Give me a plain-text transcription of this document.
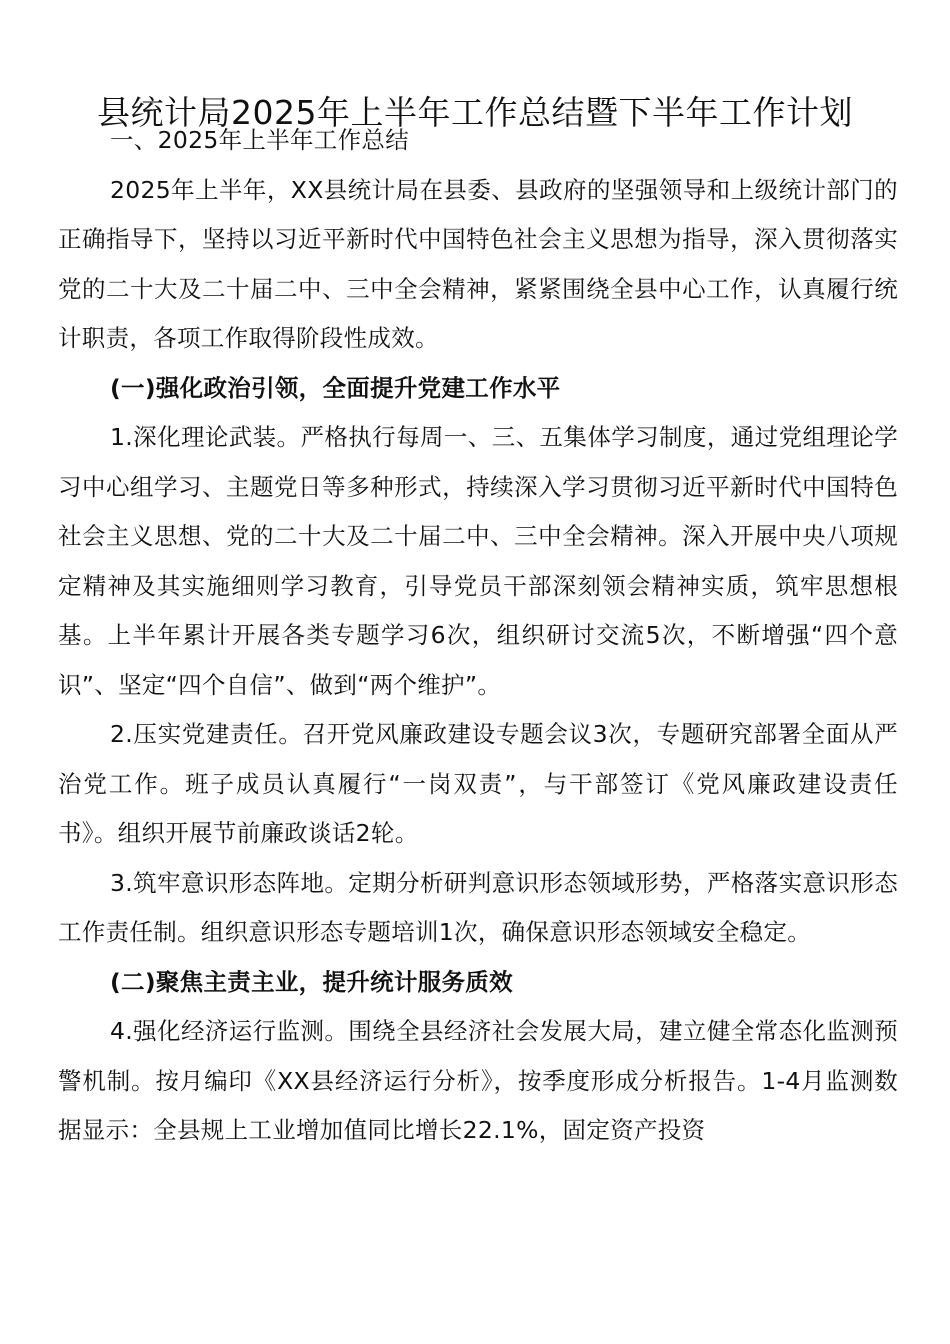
县统计局2025年上半年工作总结暨下半年工作计划

一、2025年上半年工作总结

2025年上半年，XX县统计局在县委、县政府的坚强领导和上级统计部门的正确指导下，坚持以习近平新时代中国特色社会主义思想为指导，深入贯彻落实党的二十大及二十届二中、三中全会精神，紧紧围绕全县中心工作，认真履行统计职责，各项工作取得阶段性成效。

(一)强化政治引领，全面提升党建工作水平

1.深化理论武装。严格执行每周一、三、五集体学习制度，通过党组理论学习中心组学习、主题党日等多种形式，持续深入学习贯彻习近平新时代中国特色社会主义思想、党的二十大及二十届二中、三中全会精神。深入开展中央八项规定精神及其实施细则学习教育，引导党员干部深刻领会精神实质，筑牢思想根基。上半年累计开展各类专题学习6次，组织研讨交流5次，不断增强“四个意识”、坚定“四个自信”、做到“两个维护”。

2.压实党建责任。召开党风廉政建设专题会议3次，专题研究部署全面从严治党工作。班子成员认真履行“一岗双责”，与干部签订《党风廉政建设责任书》。组织开展节前廉政谈话2轮。

3.筑牢意识形态阵地。定期分析研判意识形态领域形势，严格落实意识形态工作责任制。组织意识形态专题培训1次，确保意识形态领域安全稳定。

(二)聚焦主责主业，提升统计服务质效

4.强化经济运行监测。围绕全县经济社会发展大局，建立健全常态化监测预警机制。按月编印《XX县经济运行分析》，按季度形成分析报告。1-4月监测数据显示：全县规上工业增加值同比增长22.1%，固定资产投资
